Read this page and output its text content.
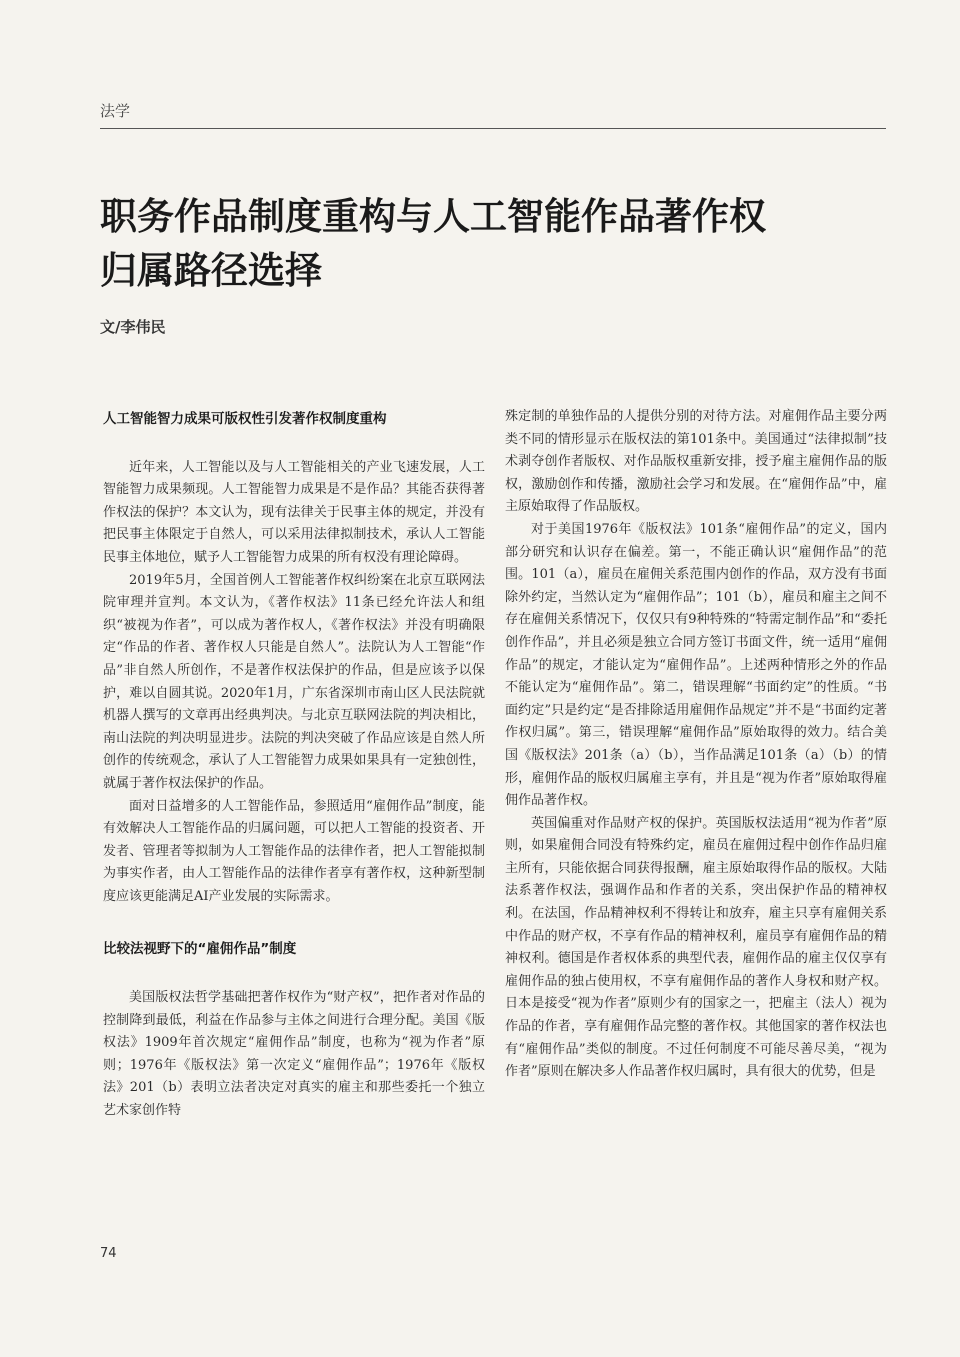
法学
职务作品制度重构与人工智能作品著作权
归属路径选择
文/李伟民
人工智能智力成果可版权性引发著作权制度重构

近年来，人工智能以及与人工智能相关的产业飞速发展，人工智能智力成果频现。人工智能智力成果是不是作品？其能否获得著作权法的保护？本文认为，现有法律关于民事主体的规定，并没有把民事主体限定于自然人，可以采用法律拟制技术，承认人工智能民事主体地位，赋予人工智能智力成果的所有权没有理论障碍。

2019年5月，全国首例人工智能著作权纠纷案在北京互联网法院审理并宣判。本文认为，《著作权法》11条已经允许法人和组织“被视为作者”，可以成为著作权人，《著作权法》并没有明确限定“作品的作者、著作权人只能是自然人”。法院认为人工智能“作品”非自然人所创作，不是著作权法保护的作品，但是应该予以保护，难以自圆其说。2020年1月，广东省深圳市南山区人民法院就机器人撰写的文章再出经典判决。与北京互联网法院的判决相比，南山法院的判决明显进步。法院的判决突破了作品应该是自然人所创作的传统观念，承认了人工智能智力成果如果具有一定独创性，就属于著作权法保护的作品。

面对日益增多的人工智能作品，参照适用“雇佣作品”制度，能有效解决人工智能作品的归属问题，可以把人工智能的投资者、开发者、管理者等拟制为人工智能作品的法律作者，把人工智能拟制为事实作者，由人工智能作品的法律作者享有著作权，这种新型制度应该更能满足AI产业发展的实际需求。

比较法视野下的“雇佣作品”制度

美国版权法哲学基础把著作权作为“财产权”，把作者对作品的控制降到最低，利益在作品参与主体之间进行合理分配。美国《版权法》1909年首次规定“雇佣作品”制度，也称为“视为作者”原则；1976年《版权法》第一次定义“雇佣作品”；1976年《版权法》201（b）表明立法者决定对真实的雇主和那些委托一个独立艺术家创作特

殊定制的单独作品的人提供分别的对待方法。对雇佣作品主要分两类不同的情形显示在版权法的第101条中。美国通过“法律拟制”技术剥夺创作者版权、对作品版权重新安排，授予雇主雇佣作品的版权，激励创作和传播，激励社会学习和发展。在“雇佣作品”中，雇主原始取得了作品版权。

对于美国1976年《版权法》101条“雇佣作品”的定义，国内部分研究和认识存在偏差。第一，不能正确认识“雇佣作品”的范围。101（a），雇员在雇佣关系范围内创作的作品，双方没有书面除外约定，当然认定为“雇佣作品”；101（b），雇员和雇主之间不存在雇佣关系情况下，仅仅只有9种特殊的“特需定制作品”和“委托创作作品”，并且必须是独立合同方签订书面文件，统一适用“雇佣作品”的规定，才能认定为“雇佣作品”。上述两种情形之外的作品不能认定为“雇佣作品”。第二，错误理解“书面约定”的性质。“书面约定”只是约定“是否排除适用雇佣作品规定”并不是“书面约定著作权归属”。第三，错误理解“雇佣作品”原始取得的效力。结合美国《版权法》201条（a）（b），当作品满足101条（a）（b）的情形，雇佣作品的版权归属雇主享有，并且是“视为作者”原始取得雇佣作品著作权。

英国偏重对作品财产权的保护。英国版权法适用“视为作者”原则，如果雇佣合同没有特殊约定，雇员在雇佣过程中创作作品归雇主所有，只能依据合同获得报酬，雇主原始取得作品的版权。大陆法系著作权法，强调作品和作者的关系，突出保护作品的精神权利。在法国，作品精神权利不得转让和放弃，雇主只享有雇佣关系中作品的财产权，不享有作品的精神权利，雇员享有雇佣作品的精神权利。德国是作者权体系的典型代表，雇佣作品的雇主仅仅享有雇佣作品的独占使用权，不享有雇佣作品的著作人身权和财产权。日本是接受“视为作者”原则少有的国家之一，把雇主（法人）视为作品的作者，享有雇佣作品完整的著作权。其他国家的著作权法也有“雇佣作品”类似的制度。不过任何制度不可能尽善尽美，“视为作者”原则在解决多人作品著作权归属时，具有很大的优势，但是

74
